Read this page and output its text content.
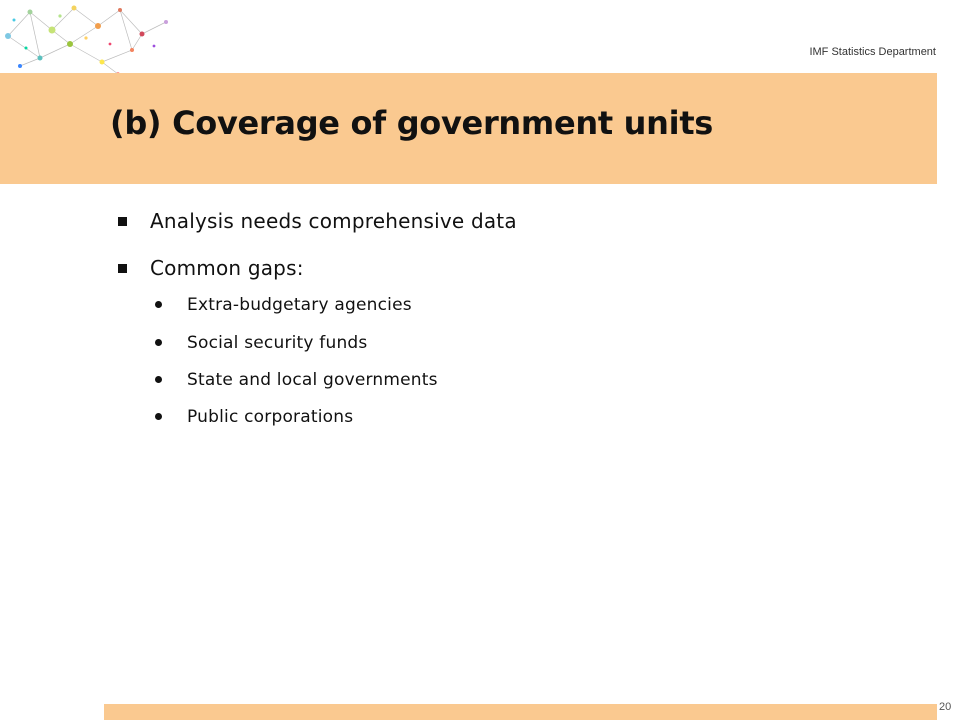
IMF Statistics Department
(b) Coverage of government units
Analysis needs comprehensive data
Common gaps:
Extra-budgetary agencies
Social security funds
State and local governments
Public corporations
20
